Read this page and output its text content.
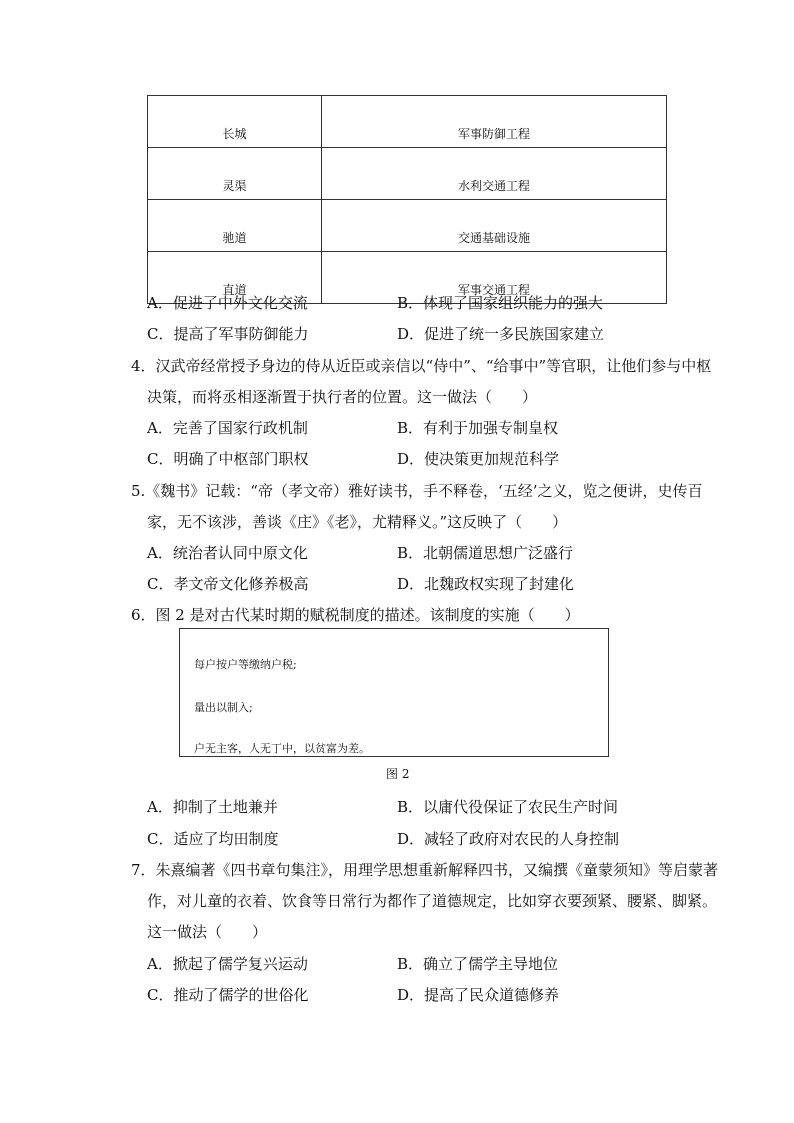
长城	军事防御工程
灵渠	水利交通工程
驰道	交通基础设施
直道	军事交通工程
A．促进了中外文化交流	B．体现了国家组织能力的强大
C．提高了军事防御能力	D．促进了统一多民族国家建立
4．汉武帝经常授予身边的侍从近臣或亲信以“侍中”、“给事中”等官职，让他们参与中枢
决策，而将丞相逐渐置于执行者的位置。这一做法（　　）
A．完善了国家行政机制	B．有利于加强专制皇权
C．明确了中枢部门职权	D．使决策更加规范科学
5.《魏书》记载：“帝（孝文帝）雅好读书，手不释卷，‘五经’之义，览之便讲，史传百
家，无不该涉，善谈《庄》《老》，尤精释义。”这反映了（　　）
A．统治者认同中原文化	B．北朝儒道思想广泛盛行
C．孝文帝文化修养极高	D．北魏政权实现了封建化
6．图 2 是对古代某时期的赋税制度的描述。该制度的实施（　　）
每户按户等缴纳户税;
量出以制入;
户无主客，人无丁中，以贫富为差。
图 2
A．抑制了土地兼并	B．以庸代役保证了农民生产时间
C．适应了均田制度	D．减轻了政府对农民的人身控制
7．朱熹编著《四书章句集注》，用理学思想重新解释四书，又编撰《童蒙须知》等启蒙著
作，对儿童的衣着、饮食等日常行为都作了道德规定，比如穿衣要颈紧、腰紧、脚紧。
这一做法（　　）
A．掀起了儒学复兴运动	B．确立了儒学主导地位
C．推动了儒学的世俗化	D．提高了民众道德修养
